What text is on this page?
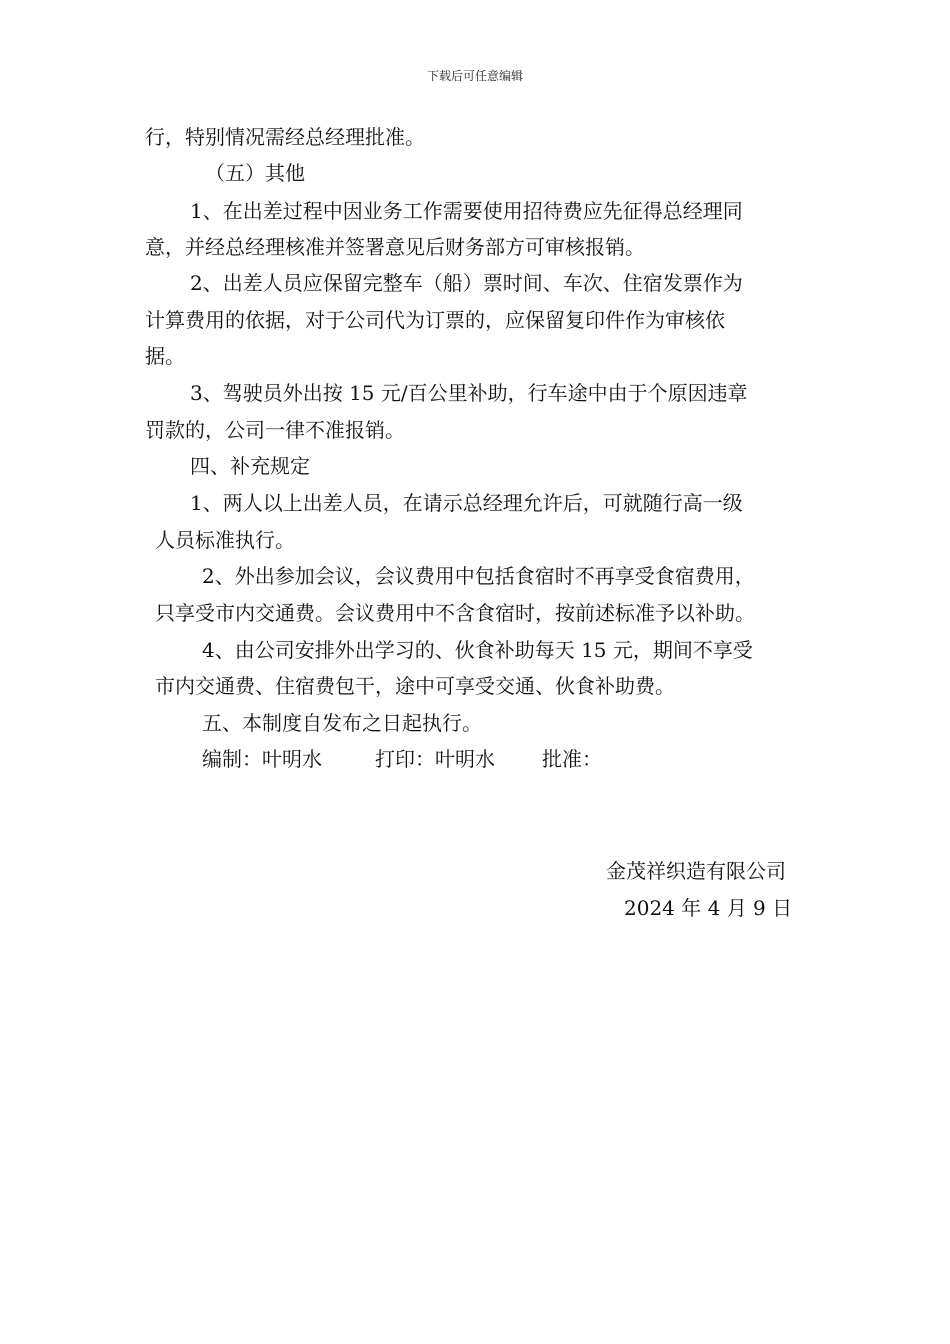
下载后可任意编辑
行，特别情况需经总经理批准。
（五）其他
1、在出差过程中因业务工作需要使用招待费应先征得总经理同
意，并经总经理核准并签署意见后财务部方可审核报销。
2、出差人员应保留完整车（船）票时间、车次、住宿发票作为
计算费用的依据，对于公司代为订票的，应保留复印件作为审核依
据。
3、驾驶员外出按 15 元/百公里补助，行车途中由于个原因违章
罚款的，公司一律不准报销。
四、补充规定
1、两人以上出差人员，在请示总经理允许后，可就随行高一级
人员标准执行。
2、外出参加会议，会议费用中包括食宿时不再享受食宿费用，
只享受市内交通费。会议费用中不含食宿时，按前述标准予以补助。
4、由公司安排外出学习的、伙食补助每天 15 元，期间不享受
市内交通费、住宿费包干，途中可享受交通、伙食补助费。
五、本制度自发布之日起执行。
编制：叶明水	打印：叶明水 批准：
金茂祥织造有限公司
2024 年 4 月 9 日
